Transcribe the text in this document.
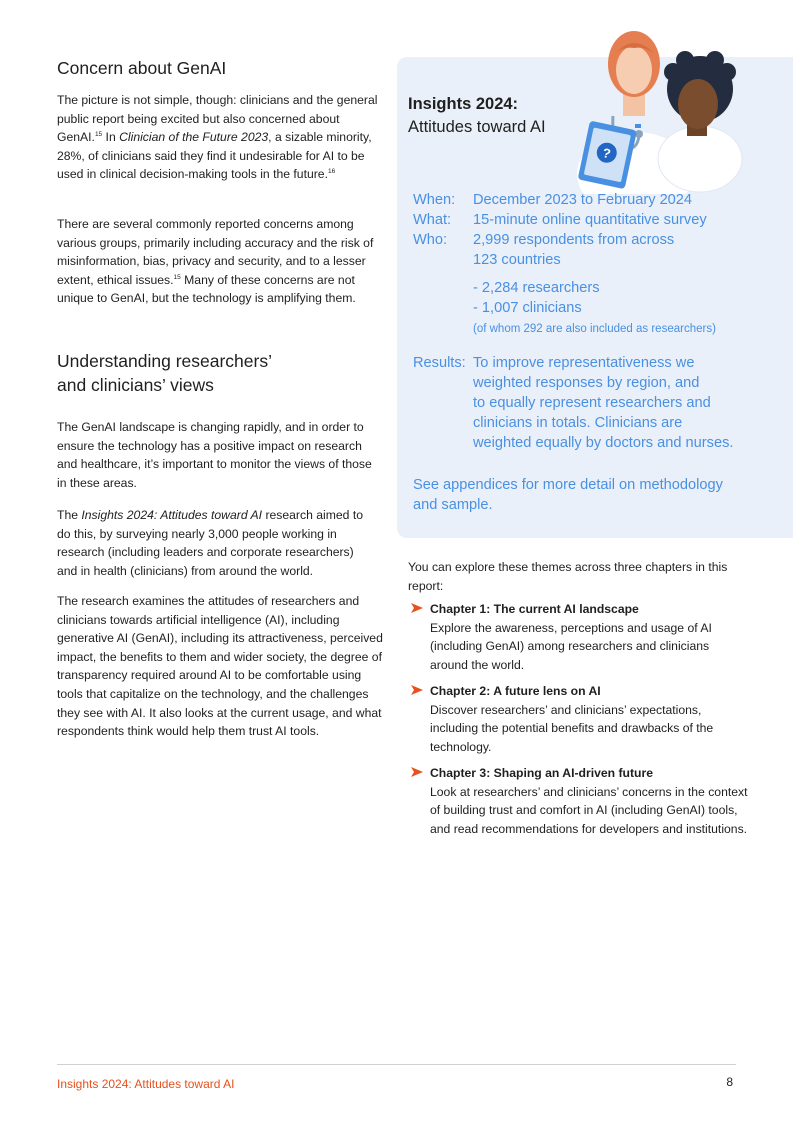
Concern about GenAI

The picture is not simple, though: clinicians and the general public report being excited but also concerned about GenAI.$^{15}$ In Clinician of the Future 2023, a sizable minority, 28%, of clinicians said they find it undesirable for AI to be used in clinical decision-making tools in the future.$^{16}$

There are several commonly reported concerns among various groups, primarily including accuracy and the risk of misinformation, bias, privacy and security, and to a lesser extent, ethical issues.$^{15}$ Many of these concerns are not unique to GenAI, but the technology is amplifying them.

Understanding researchers’
and clinicians’ views

The GenAI landscape is changing rapidly, and in order to ensure the technology has a positive impact on research and healthcare, it’s important to monitor the views of those in these areas.

The Insights 2024: Attitudes toward AI research aimed to do this, by surveying nearly 3,000 people working in research (including leaders and corporate researchers) and in health (clinicians) from around the world.

The research examines the attitudes of researchers and clinicians towards artificial intelligence (AI), including generative AI (GenAI), including its attractiveness, perceived impact, the benefits to them and wider society, the degree of transparency required around AI to be comfortable using tools that capitalize on the technology, and the challenges they see with AI. It also looks at the current usage, and what respondents think would help them trust AI tools.

?
Insights 2024:
Attitudes toward AI
When: December 2023 to February 2024
What: 15-minute online quantitative survey
Who: 2,999 respondents from across
123 countries
- 2,284 researchers
- 1,007 clinicians
(of whom 292 are also included as researchers)
Results: To improve representativeness we
weighted responses by region, and
to equally represent researchers and
clinicians in totals. Clinicians are
weighted equally by doctors and nurses.
See appendices for more detail on methodology
and sample.
You can explore these themes across three chapters in this report:
Chapter 1: The current AI landscape
Explore the awareness, perceptions and usage of AI (including GenAI) among researchers and clinicians around the world.
Chapter 2: A future lens on AI
Discover researchers’ and clinicians’ expectations, including the potential benefits and drawbacks of the technology.
Chapter 3: Shaping an AI-driven future
Look at researchers’ and clinicians’ concerns in the context of building trust and comfort in AI (including GenAI) tools, and read recommendations for developers and institutions.
Insights 2024: Attitudes toward AI	8
